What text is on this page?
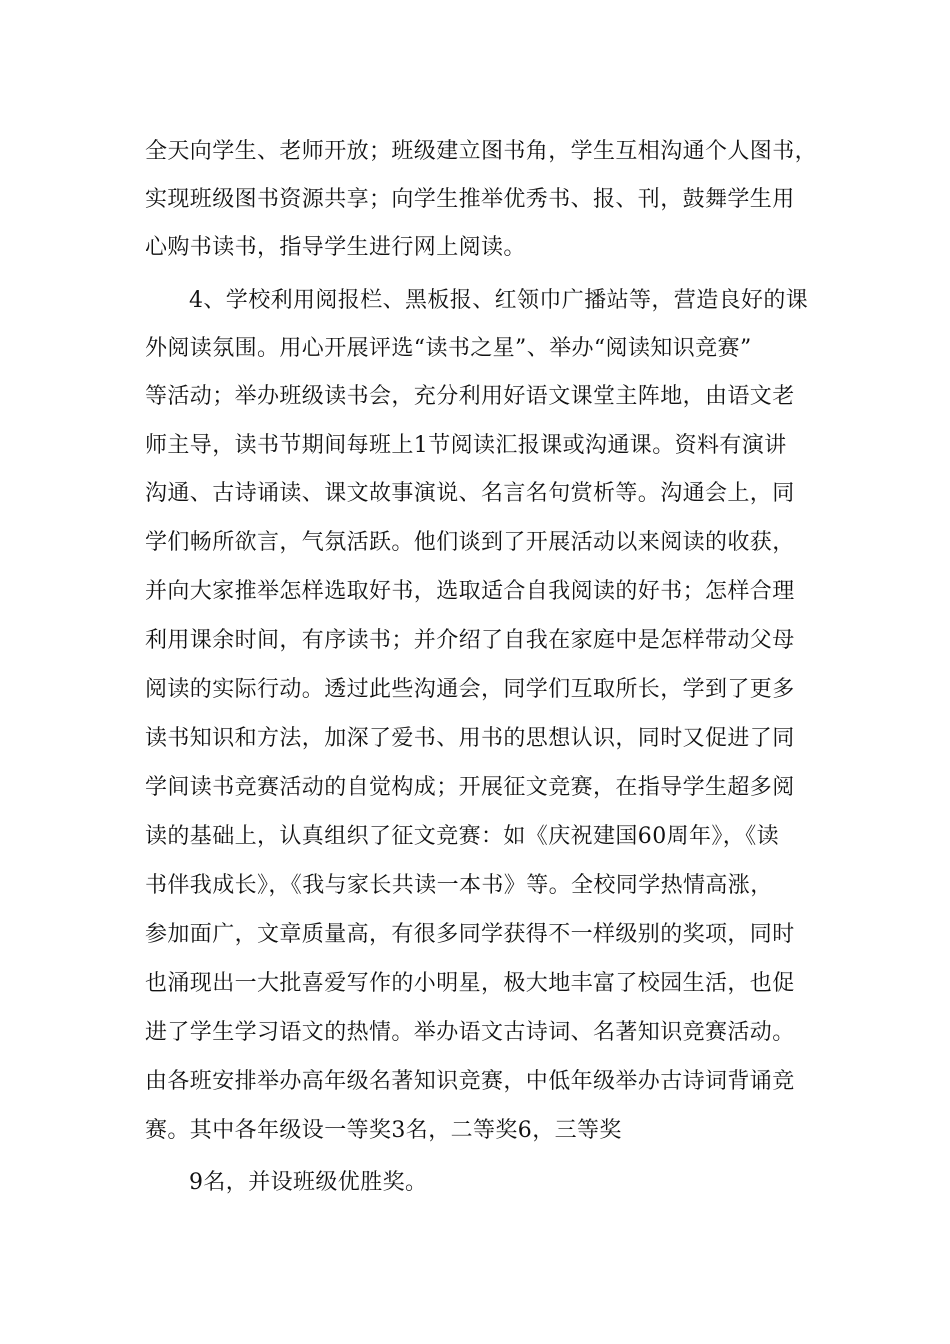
全天向学生、老师开放；班级建立图书角，学生互相沟通个人图书，
实现班级图书资源共享；向学生推举优秀书、报、刊，鼓舞学生用
心购书读书，指导学生进行网上阅读。
4、学校利用阅报栏、黑板报、红领巾广播站等，营造良好的课
外阅读氛围。用心开展评选“读书之星”、举办“阅读知识竞赛”
等活动；举办班级读书会，充分利用好语文课堂主阵地，由语文老
师主导，读书节期间每班上1节阅读汇报课或沟通课。资料有演讲
沟通、古诗诵读、课文故事演说、名言名句赏析等。沟通会上，同
学们畅所欲言，气氛活跃。他们谈到了开展活动以来阅读的收获，
并向大家推举怎样选取好书，选取适合自我阅读的好书；怎样合理
利用课余时间，有序读书；并介绍了自我在家庭中是怎样带动父母
阅读的实际行动。透过此些沟通会，同学们互取所长，学到了更多
读书知识和方法，加深了爱书、用书的思想认识，同时又促进了同
学间读书竞赛活动的自觉构成；开展征文竞赛，在指导学生超多阅
读的基础上，认真组织了征文竞赛：如《庆祝建国60周年》，《读
书伴我成长》，《我与家长共读一本书》等。全校同学热情高涨，
参加面广，文章质量高，有很多同学获得不一样级别的奖项，同时
也涌现出一大批喜爱写作的小明星，极大地丰富了校园生活，也促
进了学生学习语文的热情。举办语文古诗词、名著知识竞赛活动。
由各班安排举办高年级名著知识竞赛，中低年级举办古诗词背诵竞
赛。其中各年级设一等奖3名，二等奖6，三等奖
9名，并设班级优胜奖。
